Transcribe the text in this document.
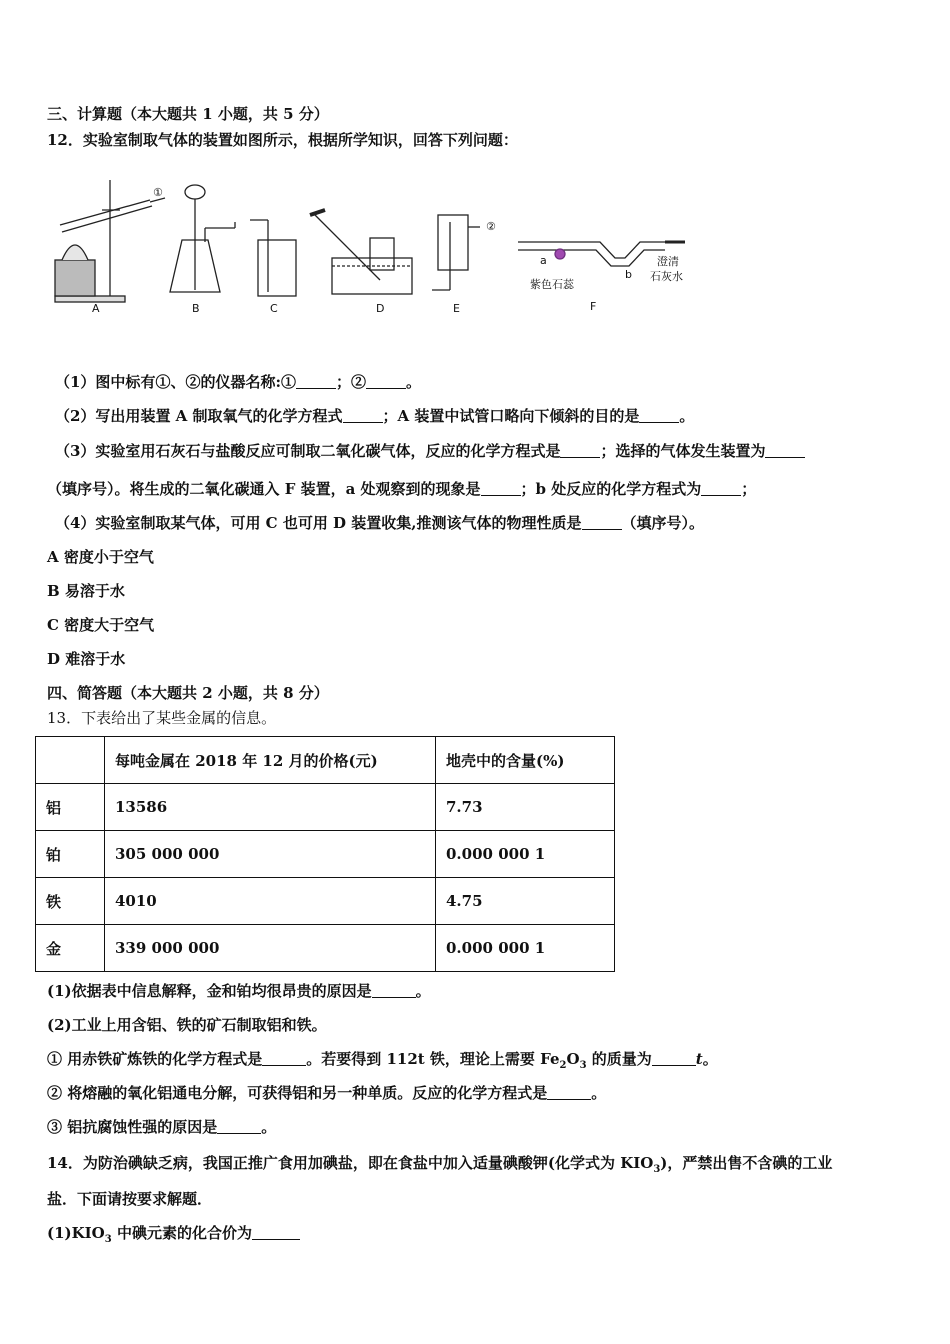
三、计算题（本大题共 1 小题，共 5 分）
12．实验室制取气体的装置如图所示，根据所学知识，回答下列问题：
A	B	C	D	E	F
①
②
a
b
紫色石蕊
澄清
石灰水
（1）图中标有①、②的仪器名称:①	；②	。
（2）写出用装置 A 制取氧气的化学方程式	；A 装置中试管口略向下倾斜的目的是	。
（3）实验室用石灰石与盐酸反应可制取二氧化碳气体，反应的化学方程式是	；选择的气体发生装置为
（填序号）。将生成的二氧化碳通入 F 装置，a 处观察到的现象是	；b 处反应的化学方程式为	；
（4）实验室制取某气体，可用 C 也可用 D 装置收集,推测该气体的物理性质是	（填序号）。
A 密度小于空气
B 易溶于水
C 密度大于空气
D 难溶于水
四、简答题（本大题共 2 小题，共 8 分）
13．下表给出了某些金属的信息。
	每吨金属在 2018 年 12 月的价格(元)	地壳中的含量(%)
铝	13586	7.73
铂	305 000 000	0.000 000 1
铁	4010	4.75
金	339 000 000	0.000 000 1
(1)依据表中信息解释，金和铂均很昂贵的原因是	。
(2)工业上用含铝、铁的矿石制取铝和铁。
① 用赤铁矿炼铁的化学方程式是	。若要得到 112t 铁，理论上需要 $Fe_2O_3$ 的质量为	t。
② 将熔融的氧化铝通电分解，可获得铝和另一种单质。反应的化学方程式是	。
③ 铝抗腐蚀性强的原因是	。
14．为防治碘缺乏病，我国正推广食用加碘盐，即在食盐中加入适量碘酸钾(化学式为 $KIO_3$)，严禁出售不含碘的工业
盐．下面请按要求解题．
$(1)KIO_3$ 中碘元素的化合价为
